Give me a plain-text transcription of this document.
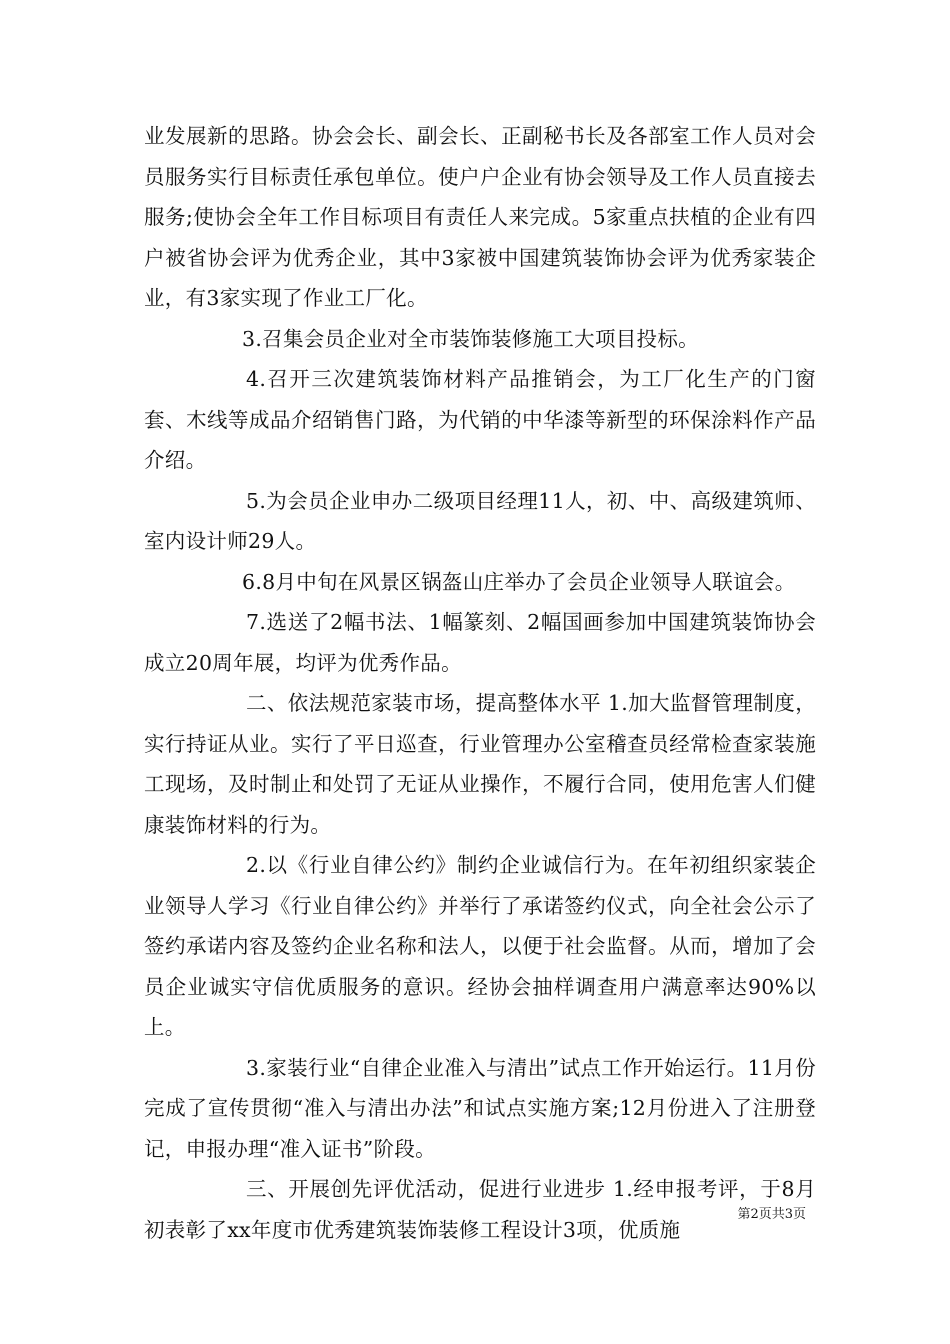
业发展新的思路。协会会长、副会长、正副秘书长及各部室工作人员对会员服务实行目标责任承包单位。使户户企业有协会领导及工作人员直接去服务;使协会全年工作目标项目有责任人来完成。5家重点扶植的企业有四户被省协会评为优秀企业，其中3家被中国建筑装饰协会评为优秀家装企业，有3家实现了作业工厂化。

3.召集会员企业对全市装饰装修施工大项目投标。

4.召开三次建筑装饰材料产品推销会，为工厂化生产的门窗套、木线等成品介绍销售门路，为代销的中华漆等新型的环保涂料作产品介绍。

5.为会员企业申办二级项目经理11人，初、中、高级建筑师、室内设计师29人。

6.8月中旬在风景区锅盔山庄举办了会员企业领导人联谊会。

7.选送了2幅书法、1幅篆刻、2幅国画参加中国建筑装饰协会成立20周年展，均评为优秀作品。

二、依法规范家装市场，提高整体水平 1.加大监督管理制度，实行持证从业。实行了平日巡查，行业管理办公室稽查员经常检查家装施工现场，及时制止和处罚了无证从业操作，不履行合同，使用危害人们健康装饰材料的行为。

2.以《行业自律公约》制约企业诚信行为。在年初组织家装企业领导人学习《行业自律公约》并举行了承诺签约仪式，向全社会公示了签约承诺内容及签约企业名称和法人，以便于社会监督。从而，增加了会员企业诚实守信优质服务的意识。经协会抽样调查用户满意率达90%以上。

3.家装行业“自律企业准入与清出”试点工作开始运行。11月份完成了宣传贯彻“准入与清出办法”和试点实施方案;12月份进入了注册登记，申报办理“准入证书”阶段。

三、开展创先评优活动，促进行业进步 1.经申报考评，于8月初表彰了xx年度市优秀建筑装饰装修工程设计3项，优质施

第2页共3页
